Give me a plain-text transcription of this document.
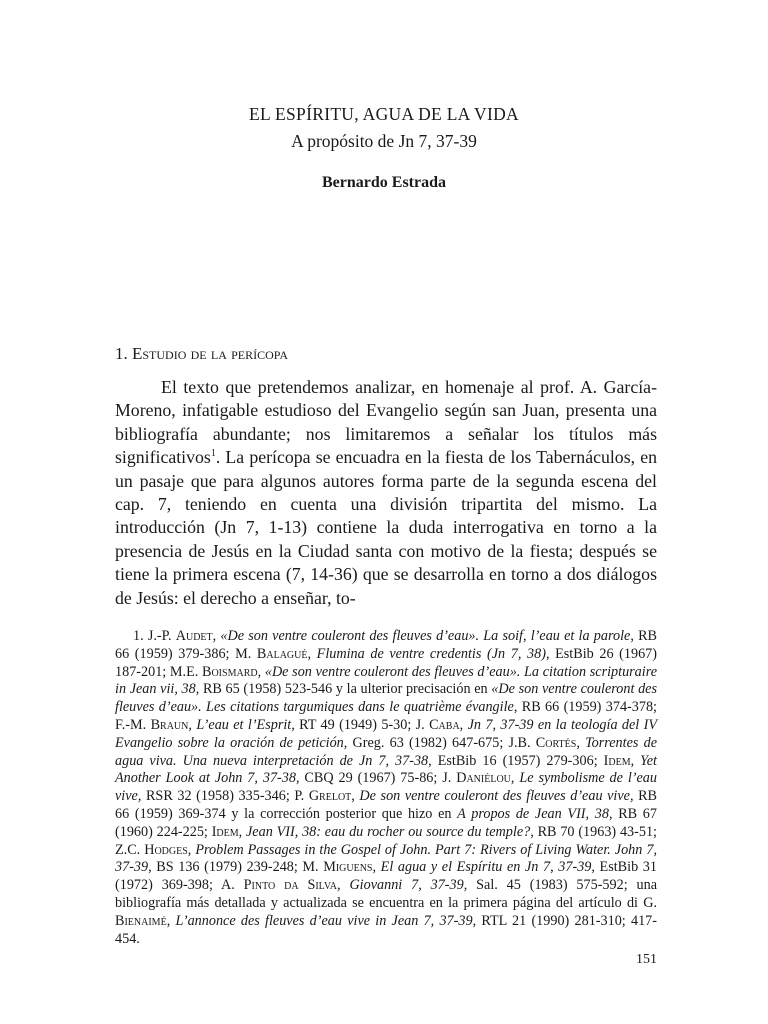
EL ESPÍRITU, AGUA DE LA VIDA
A propósito de Jn 7, 37-39
Bernardo Estrada
1. Estudio de la perícopa
El texto que pretendemos analizar, en homenaje al prof. A. García-Moreno, infatigable estudioso del Evangelio según san Juan, presenta una bibliografía abundante; nos limitaremos a señalar los títulos más significativos$^1$. La perícopa se encuadra en la fiesta de los Tabernáculos, en un pasaje que para algunos autores forma parte de la segunda escena del cap. 7, teniendo en cuenta una división tripartita del mismo. La introducción (Jn 7, 1-13) contiene la duda interrogativa en torno a la presencia de Jesús en la Ciudad santa con motivo de la fiesta; después se tiene la primera escena (7, 14-36) que se desarrolla en torno a dos diálogos de Jesús: el derecho a enseñar, to-
1. J.-P. Audet, «De son ventre couleront des fleuves d’eau». La soif, l’eau et la parole, RB 66 (1959) 379-386; M. Balagué, Flumina de ventre credentis (Jn 7, 38), EstBib 26 (1967) 187-201; M.E. Boismard, «De son ventre couleront des fleuves d’eau». La citation scripturaire in Jean vii, 38, RB 65 (1958) 523-546 y la ulterior precisación en «De son ventre couleront des fleuves d’eau». Les citations targumiques dans le quatrième évangile, RB 66 (1959) 374-378; F.-M. Braun, L’eau et l’Esprit, RT 49 (1949) 5-30; J. Caba, Jn 7, 37-39 en la teología del IV Evangelio sobre la oración de petición, Greg. 63 (1982) 647-675; J.B. Cortés, Torrentes de agua viva. Una nueva interpretación de Jn 7, 37-38, EstBib 16 (1957) 279-306; Idem, Yet Another Look at John 7, 37-38, CBQ 29 (1967) 75-86; J. Daniélou, Le symbolisme de l’eau vive, RSR 32 (1958) 335-346; P. Grelot, De son ventre couleront des fleuves d’eau vive, RB 66 (1959) 369-374 y la corrección posterior que hizo en A propos de Jean VII, 38, RB 67 (1960) 224-225; Idem, Jean VII, 38: eau du rocher ou source du temple?, RB 70 (1963) 43-51; Z.C. Hodges, Problem Passages in the Gospel of John. Part 7: Rivers of Living Water. John 7, 37-39, BS 136 (1979) 239-248; M. Miguens, El agua y el Espíritu en Jn 7, 37-39, EstBib 31 (1972) 369-398; A. Pinto da Silva, Giovanni 7, 37-39, Sal. 45 (1983) 575-592; una bibliografía más detallada y actualizada se encuentra en la primera página del artículo di G. Bienaimé, L’annonce des fleuves d’eau vive in Jean 7, 37-39, RTL 21 (1990) 281-310; 417-454.
151
